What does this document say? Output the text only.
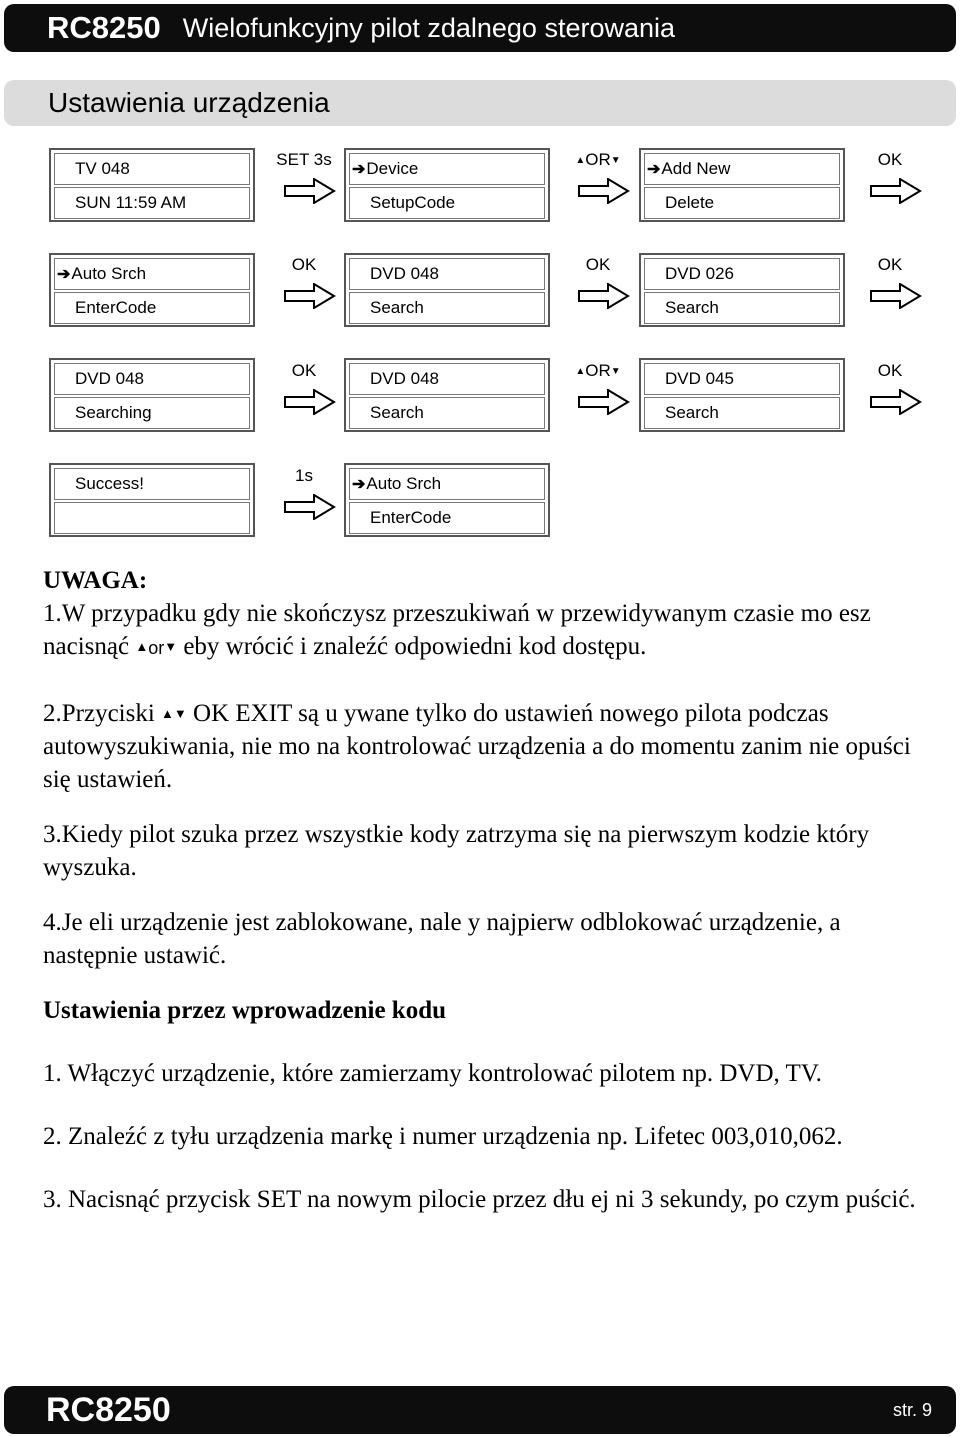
RC8250 Wielofunkcyjny pilot zdalnego sterowania
Ustawienia urządzenia
TV 048
SUN 11:59 AM
SET 3s
➔Device
SetupCode
▲OR▼
➔Add New
Delete
OK
➔Auto Srch
EnterCode
OK	DVD 048
Search
OK	DVD 026
Search
OK
DVD 048
Searching
OK	DVD 048
Search
▲OR▼	DVD 045
Search
OK
Success!	1s	➔Auto Srch
EnterCode

UWAGA:

1.W przypadku gdy nie skończysz przeszukiwań w przewidywanym czasie mo esz nacisnąć ▲or▼ eby wrócić i znaleźć odpowiedni kod dostępu.

2.Przyciski ▲▼ OK EXIT są u ywane tylko do ustawień nowego pilota podczas autowyszukiwania, nie mo na kontrolować urządzenia a do momentu zanim nie opuści się ustawień.

3.Kiedy pilot szuka przez wszystkie kody zatrzyma się na pierwszym kodzie który wyszuka.

4.Je eli urządzenie jest zablokowane, nale y najpierw odblokować urządzenie, a następnie ustawić.

Ustawienia przez wprowadzenie kodu

1. Włączyć urządzenie, które zamierzamy kontrolować pilotem np. DVD, TV.

2. Znaleźć z tyłu urządzenia markę i numer urządzenia np. Lifetec 003,010,062.

3. Nacisnąć przycisk SET na nowym pilocie przez dłu ej ni 3 sekundy, po czym puścić.

RC8250	str. 9
